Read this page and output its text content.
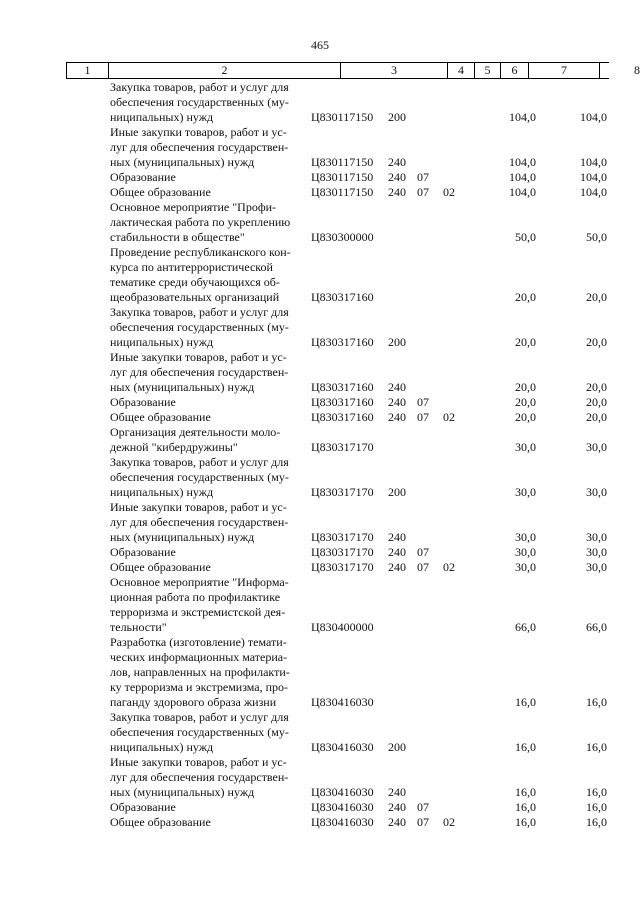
465
1	2	3	4	5	6	7	8
Закупка товаров, работ и услуг для
обеспечения государственных (му-
ниципальных) нужд	Ц830117150 200	104,0	104,0
Иные закупки товаров, работ и ус-
луг для обеспечения государствен-
ных (муниципальных) нужд	Ц830117150 240	104,0	104,0
Образование	Ц830117150 240 07	104,0	104,0
Общее образование	Ц830117150 240 07 02	104,0	104,0
Основное мероприятие "Профи-
лактическая работа по укреплению
стабильности в обществе"	Ц830300000	50,0	50,0
Проведение республиканского кон-
курса по антитеррористической
тематике среди обучающихся об-
щеобразовательных организаций	Ц830317160	20,0	20,0
Закупка товаров, работ и услуг для
обеспечения государственных (му-
ниципальных) нужд	Ц830317160 200	20,0	20,0
Иные закупки товаров, работ и ус-
луг для обеспечения государствен-
ных (муниципальных) нужд	Ц830317160 240	20,0	20,0
Образование	Ц830317160 240 07	20,0	20,0
Общее образование	Ц830317160 240 07 02	20,0	20,0
Организация деятельности моло-
дежной "кибердружины"	Ц830317170	30,0	30,0
Закупка товаров, работ и услуг для
обеспечения государственных (му-
ниципальных) нужд	Ц830317170 200	30,0	30,0
Иные закупки товаров, работ и ус-
луг для обеспечения государствен-
ных (муниципальных) нужд	Ц830317170 240	30,0	30,0
Образование	Ц830317170 240 07	30,0	30,0
Общее образование	Ц830317170 240 07 02	30,0	30,0
Основное мероприятие "Информа-
ционная работа по профилактике
терроризма и экстремистской дея-
тельности"	Ц830400000	66,0	66,0
Разработка (изготовление) темати-
ческих информационных материа-
лов, направленных на профилакти-
ку терроризма и экстремизма, про-
паганду здорового образа жизни	Ц830416030	16,0	16,0
Закупка товаров, работ и услуг для
обеспечения государственных (му-
ниципальных) нужд	Ц830416030 200	16,0	16,0
Иные закупки товаров, работ и ус-
луг для обеспечения государствен-
ных (муниципальных) нужд	Ц830416030 240	16,0	16,0
Образование	Ц830416030 240 07	16,0	16,0
Общее образование	Ц830416030 240 07 02	16,0	16,0
